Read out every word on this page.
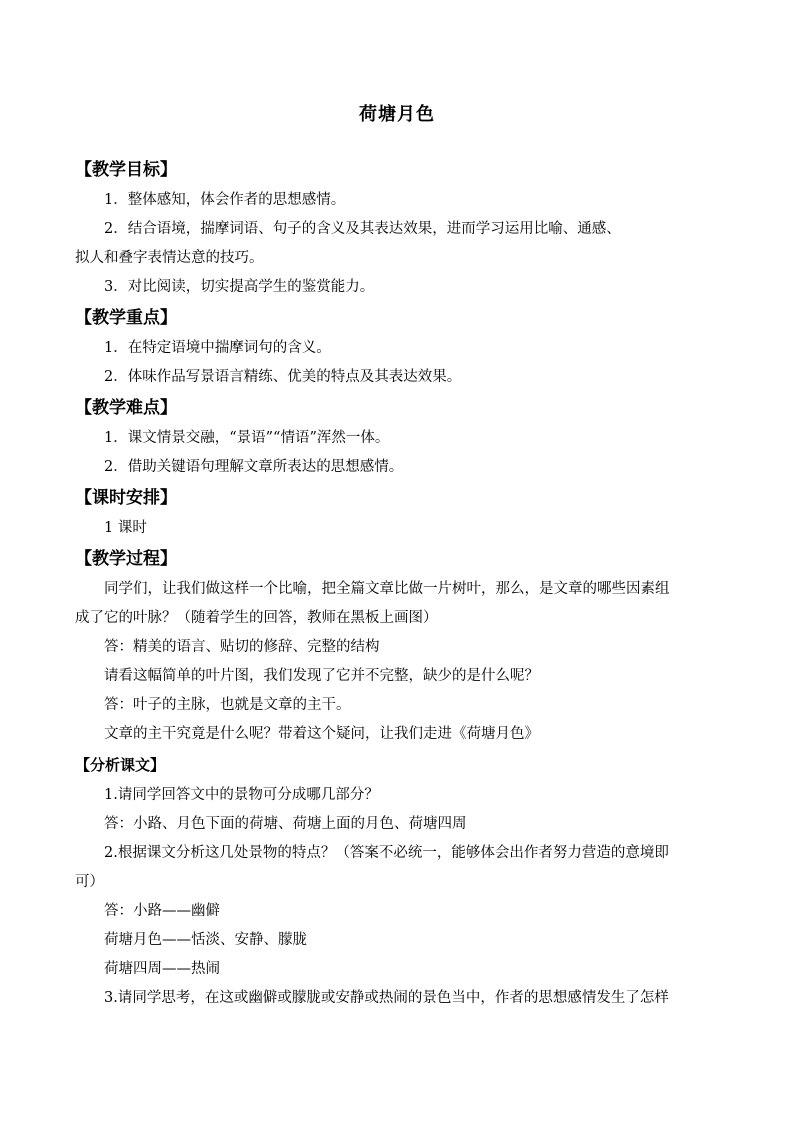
荷塘月色
【教学目标】
1．整体感知，体会作者的思想感情。
2．结合语境，揣摩词语、句子的含义及其表达效果，进而学习运用比喻、通感、
拟人和叠字表情达意的技巧。
3．对比阅读，切实提高学生的鉴赏能力。
【教学重点】
1．在特定语境中揣摩词句的含义。
2．体味作品写景语言精练、优美的特点及其表达效果。
【教学难点】
1．课文情景交融，“景语”“情语”浑然一体。
2．借助关键语句理解文章所表达的思想感情。
【课时安排】
1 课时
【教学过程】
同学们，让我们做这样一个比喻，把全篇文章比做一片树叶，那么，是文章的哪些因素组
成了它的叶脉？（随着学生的回答，教师在黑板上画图）
答：精美的语言、贴切的修辞、完整的结构
请看这幅简单的叶片图，我们发现了它并不完整，缺少的是什么呢？
答：叶子的主脉，也就是文章的主干。
文章的主干究竟是什么呢？带着这个疑问，让我们走进《荷塘月色》
【分析课文】
1.请同学回答文中的景物可分成哪几部分？
答：小路、月色下面的荷塘、荷塘上面的月色、荷塘四周
2.根据课文分析这几处景物的特点？（答案不必统一，能够体会出作者努力营造的意境即
可）
答：小路——幽僻
荷塘月色——恬淡、安静、朦胧
荷塘四周——热闹
3.请同学思考，在这或幽僻或朦胧或安静或热闹的景色当中，作者的思想感情发生了怎样
